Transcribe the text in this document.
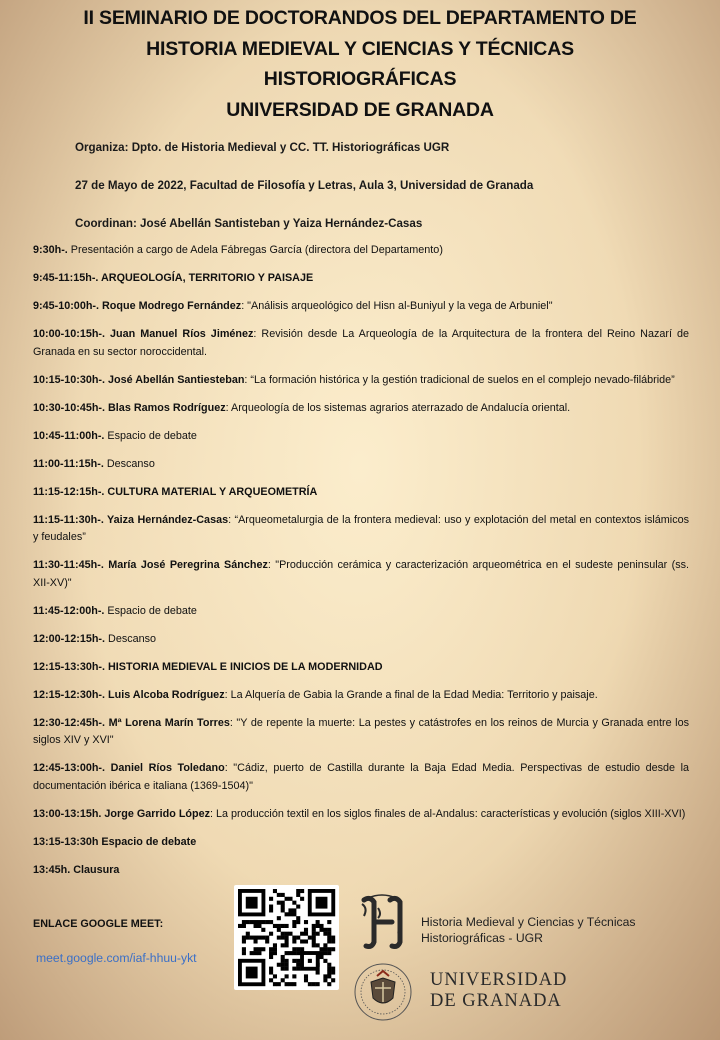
II SEMINARIO DE DOCTORANDOS DEL DEPARTAMENTO DE
HISTORIA MEDIEVAL Y CIENCIAS Y TÉCNICAS
HISTORIOGRÁFICAS
UNIVERSIDAD DE GRANADA
Organiza: Dpto. de Historia Medieval y CC. TT. Historiográficas UGR
27 de Mayo de 2022, Facultad de Filosofía y Letras, Aula 3, Universidad de Granada
Coordinan: José Abellán Santisteban y Yaiza Hernández-Casas
9:30h-. Presentación a cargo de Adela Fábregas García (directora del Departamento)
9:45-11:15h-. ARQUEOLOGÍA, TERRITORIO Y PAISAJE
9:45-10:00h-. Roque Modrego Fernández: "Análisis arqueológico del Hisn al-Buniyul y la vega de Arbuniel"
10:00-10:15h-. Juan Manuel Ríos Jiménez: Revisión desde La Arqueología de la Arquitectura de la frontera del Reino Nazarí de Granada en su sector noroccidental.
10:15-10:30h-. José Abellán Santiesteban: “La formación histórica y la gestión tradicional de suelos en el complejo nevado-filábride”
10:30-10:45h-. Blas Ramos Rodríguez: Arqueología de los sistemas agrarios aterrazado de Andalucía oriental.
10:45-11:00h-. Espacio de debate
11:00-11:15h-. Descanso
11:15-12:15h-. CULTURA MATERIAL Y ARQUEOMETRÍA
11:15-11:30h-. Yaiza Hernández-Casas: “Arqueometalurgia de la frontera medieval: uso y explotación del metal en contextos islámicos y feudales”
11:30-11:45h-. María José Peregrina Sánchez: "Producción cerámica y caracterización arqueométrica en el sudeste peninsular (ss. XII-XV)"
11:45-12:00h-. Espacio de debate
12:00-12:15h-. Descanso
12:15-13:30h-. HISTORIA MEDIEVAL E INICIOS DE LA MODERNIDAD
12:15-12:30h-. Luis Alcoba Rodríguez: La Alquería de Gabia la Grande a final de la Edad Media: Territorio y paisaje.
12:30-12:45h-. Mª Lorena Marín Torres: "Y de repente la muerte: La pestes y catástrofes en los reinos de Murcia y Granada entre los siglos XIV y XVI"
12:45-13:00h-. Daniel Ríos Toledano: "Cádiz, puerto de Castilla durante la Baja Edad Media. Perspectivas de estudio desde la documentación ibérica e italiana (1369-1504)"
13:00-13:15h. Jorge Garrido López: La producción textil en los siglos finales de al-Andalus: características y evolución (siglos XIII-XVI)
13:15-13:30h Espacio de debate
13:45h. Clausura
ENLACE GOOGLE MEET:
meet.google.com/iaf-hhuu-ykt
Historia Medieval y Ciencias y Técnicas
Historiográficas - UGR
UNIVERSIDAD
DE GRANADA
